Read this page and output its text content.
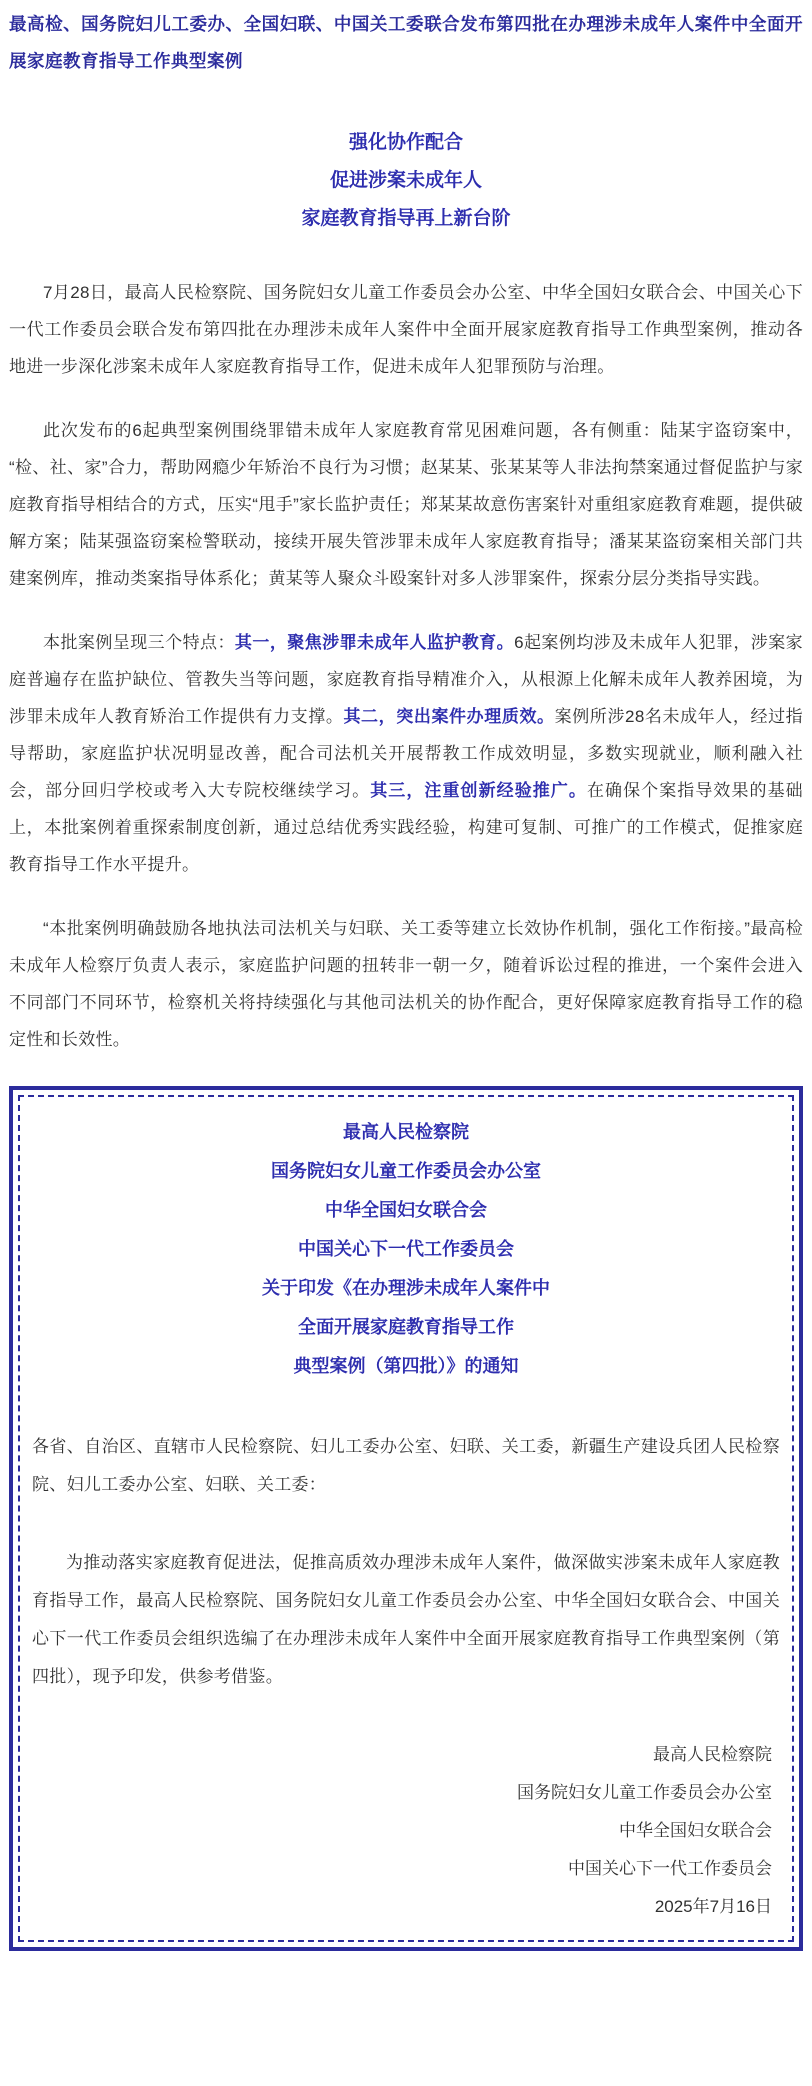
最高检、国务院妇儿工委办、全国妇联、中国关工委联合发布第四批在办理涉未成年人案件中全面开展家庭教育指导工作典型案例
强化协作配合
促进涉案未成年人
家庭教育指导再上新台阶

7月28日，最高人民检察院、国务院妇女儿童工作委员会办公室、中华全国妇女联合会、中国关心下一代工作委员会联合发布第四批在办理涉未成年人案件中全面开展家庭教育指导工作典型案例，推动各地进一步深化涉案未成年人家庭教育指导工作，促进未成年人犯罪预防与治理。

此次发布的6起典型案例围绕罪错未成年人家庭教育常见困难问题，各有侧重：陆某宇盗窃案中，“检、社、家”合力，帮助网瘾少年矫治不良行为习惯；赵某某、张某某等人非法拘禁案通过督促监护与家庭教育指导相结合的方式，压实“甩手”家长监护责任；郑某某故意伤害案针对重组家庭教育难题，提供破解方案；陆某强盗窃案检警联动，接续开展失管涉罪未成年人家庭教育指导；潘某某盗窃案相关部门共建案例库，推动类案指导体系化；黄某等人聚众斗殴案针对多人涉罪案件，探索分层分类指导实践。

本批案例呈现三个特点：其一，聚焦涉罪未成年人监护教育。6起案例均涉及未成年人犯罪，涉案家庭普遍存在监护缺位、管教失当等问题，家庭教育指导精准介入，从根源上化解未成年人教养困境，为涉罪未成年人教育矫治工作提供有力支撑。其二，突出案件办理质效。案例所涉28名未成年人，经过指导帮助，家庭监护状况明显改善，配合司法机关开展帮教工作成效明显，多数实现就业，顺利融入社会，部分回归学校或考入大专院校继续学习。其三，注重创新经验推广。在确保个案指导效果的基础上，本批案例着重探索制度创新，通过总结优秀实践经验，构建可复制、可推广的工作模式，促推家庭教育指导工作水平提升。

“本批案例明确鼓励各地执法司法机关与妇联、关工委等建立长效协作机制，强化工作衔接。”最高检未成年人检察厅负责人表示，家庭监护问题的扭转非一朝一夕，随着诉讼过程的推进，一个案件会进入不同部门不同环节，检察机关将持续强化与其他司法机关的协作配合，更好保障家庭教育指导工作的稳定性和长效性。

最高人民检察院
国务院妇女儿童工作委员会办公室
中华全国妇女联合会
中国关心下一代工作委员会
关于印发《在办理涉未成年人案件中
全面开展家庭教育指导工作
典型案例（第四批）》的通知

各省、自治区、直辖市人民检察院、妇儿工委办公室、妇联、关工委，新疆生产建设兵团人民检察院、妇儿工委办公室、妇联、关工委：

为推动落实家庭教育促进法，促推高质效办理涉未成年人案件，做深做实涉案未成年人家庭教育指导工作，最高人民检察院、国务院妇女儿童工作委员会办公室、中华全国妇女联合会、中国关心下一代工作委员会组织选编了在办理涉未成年人案件中全面开展家庭教育指导工作典型案例（第四批），现予印发，供参考借鉴。

最高人民检察院
国务院妇女儿童工作委员会办公室
中华全国妇女联合会
中国关心下一代工作委员会
2025年7月16日
